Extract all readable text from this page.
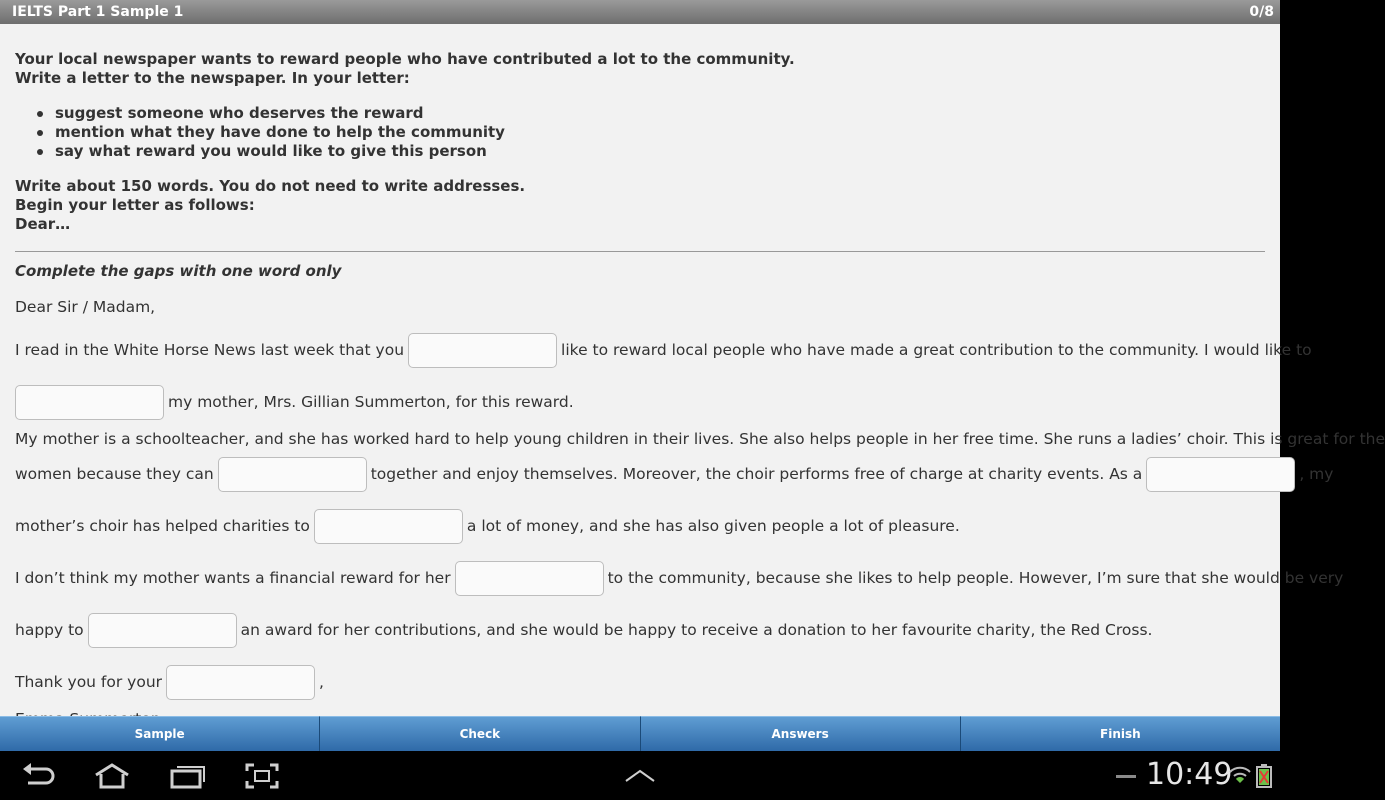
IELTS Part 1 Sample 1	0/8

Your local newspaper wants to reward people who have contributed a lot to the community.

Write a letter to the newspaper. In your letter:

suggest someone who deserves the reward
mention what they have done to help the community
say what reward you would like to give this person

Write about 150 words. You do not need to write addresses.

Begin your letter as follows:

Dear…

Complete the gaps with one word only

Dear Sir / Madam,
I read in the White Horse News last week that you	like to reward local people who have made a great contribution to the community. I would like to
my mother, Mrs. Gillian Summerton, for this reward.
My mother is a schoolteacher, and she has worked hard to help young children in their lives. She also helps people in her free time. She runs a ladies’ choir. This is great for the
women because they can	together and enjoy themselves. Moreover, the choir performs free of charge at charity events. As a	, my
mother’s choir has helped charities to	a lot of money, and she has also given people a lot of pleasure.
I don’t think my mother wants a financial reward for her	to the community, because she likes to help people. However, I’m sure that she would be very
happy to	an award for her contributions, and she would be happy to receive a donation to her favourite charity, the Red Cross.
Thank you for your	,
Sample	Check	Answers	Finish
10:49
